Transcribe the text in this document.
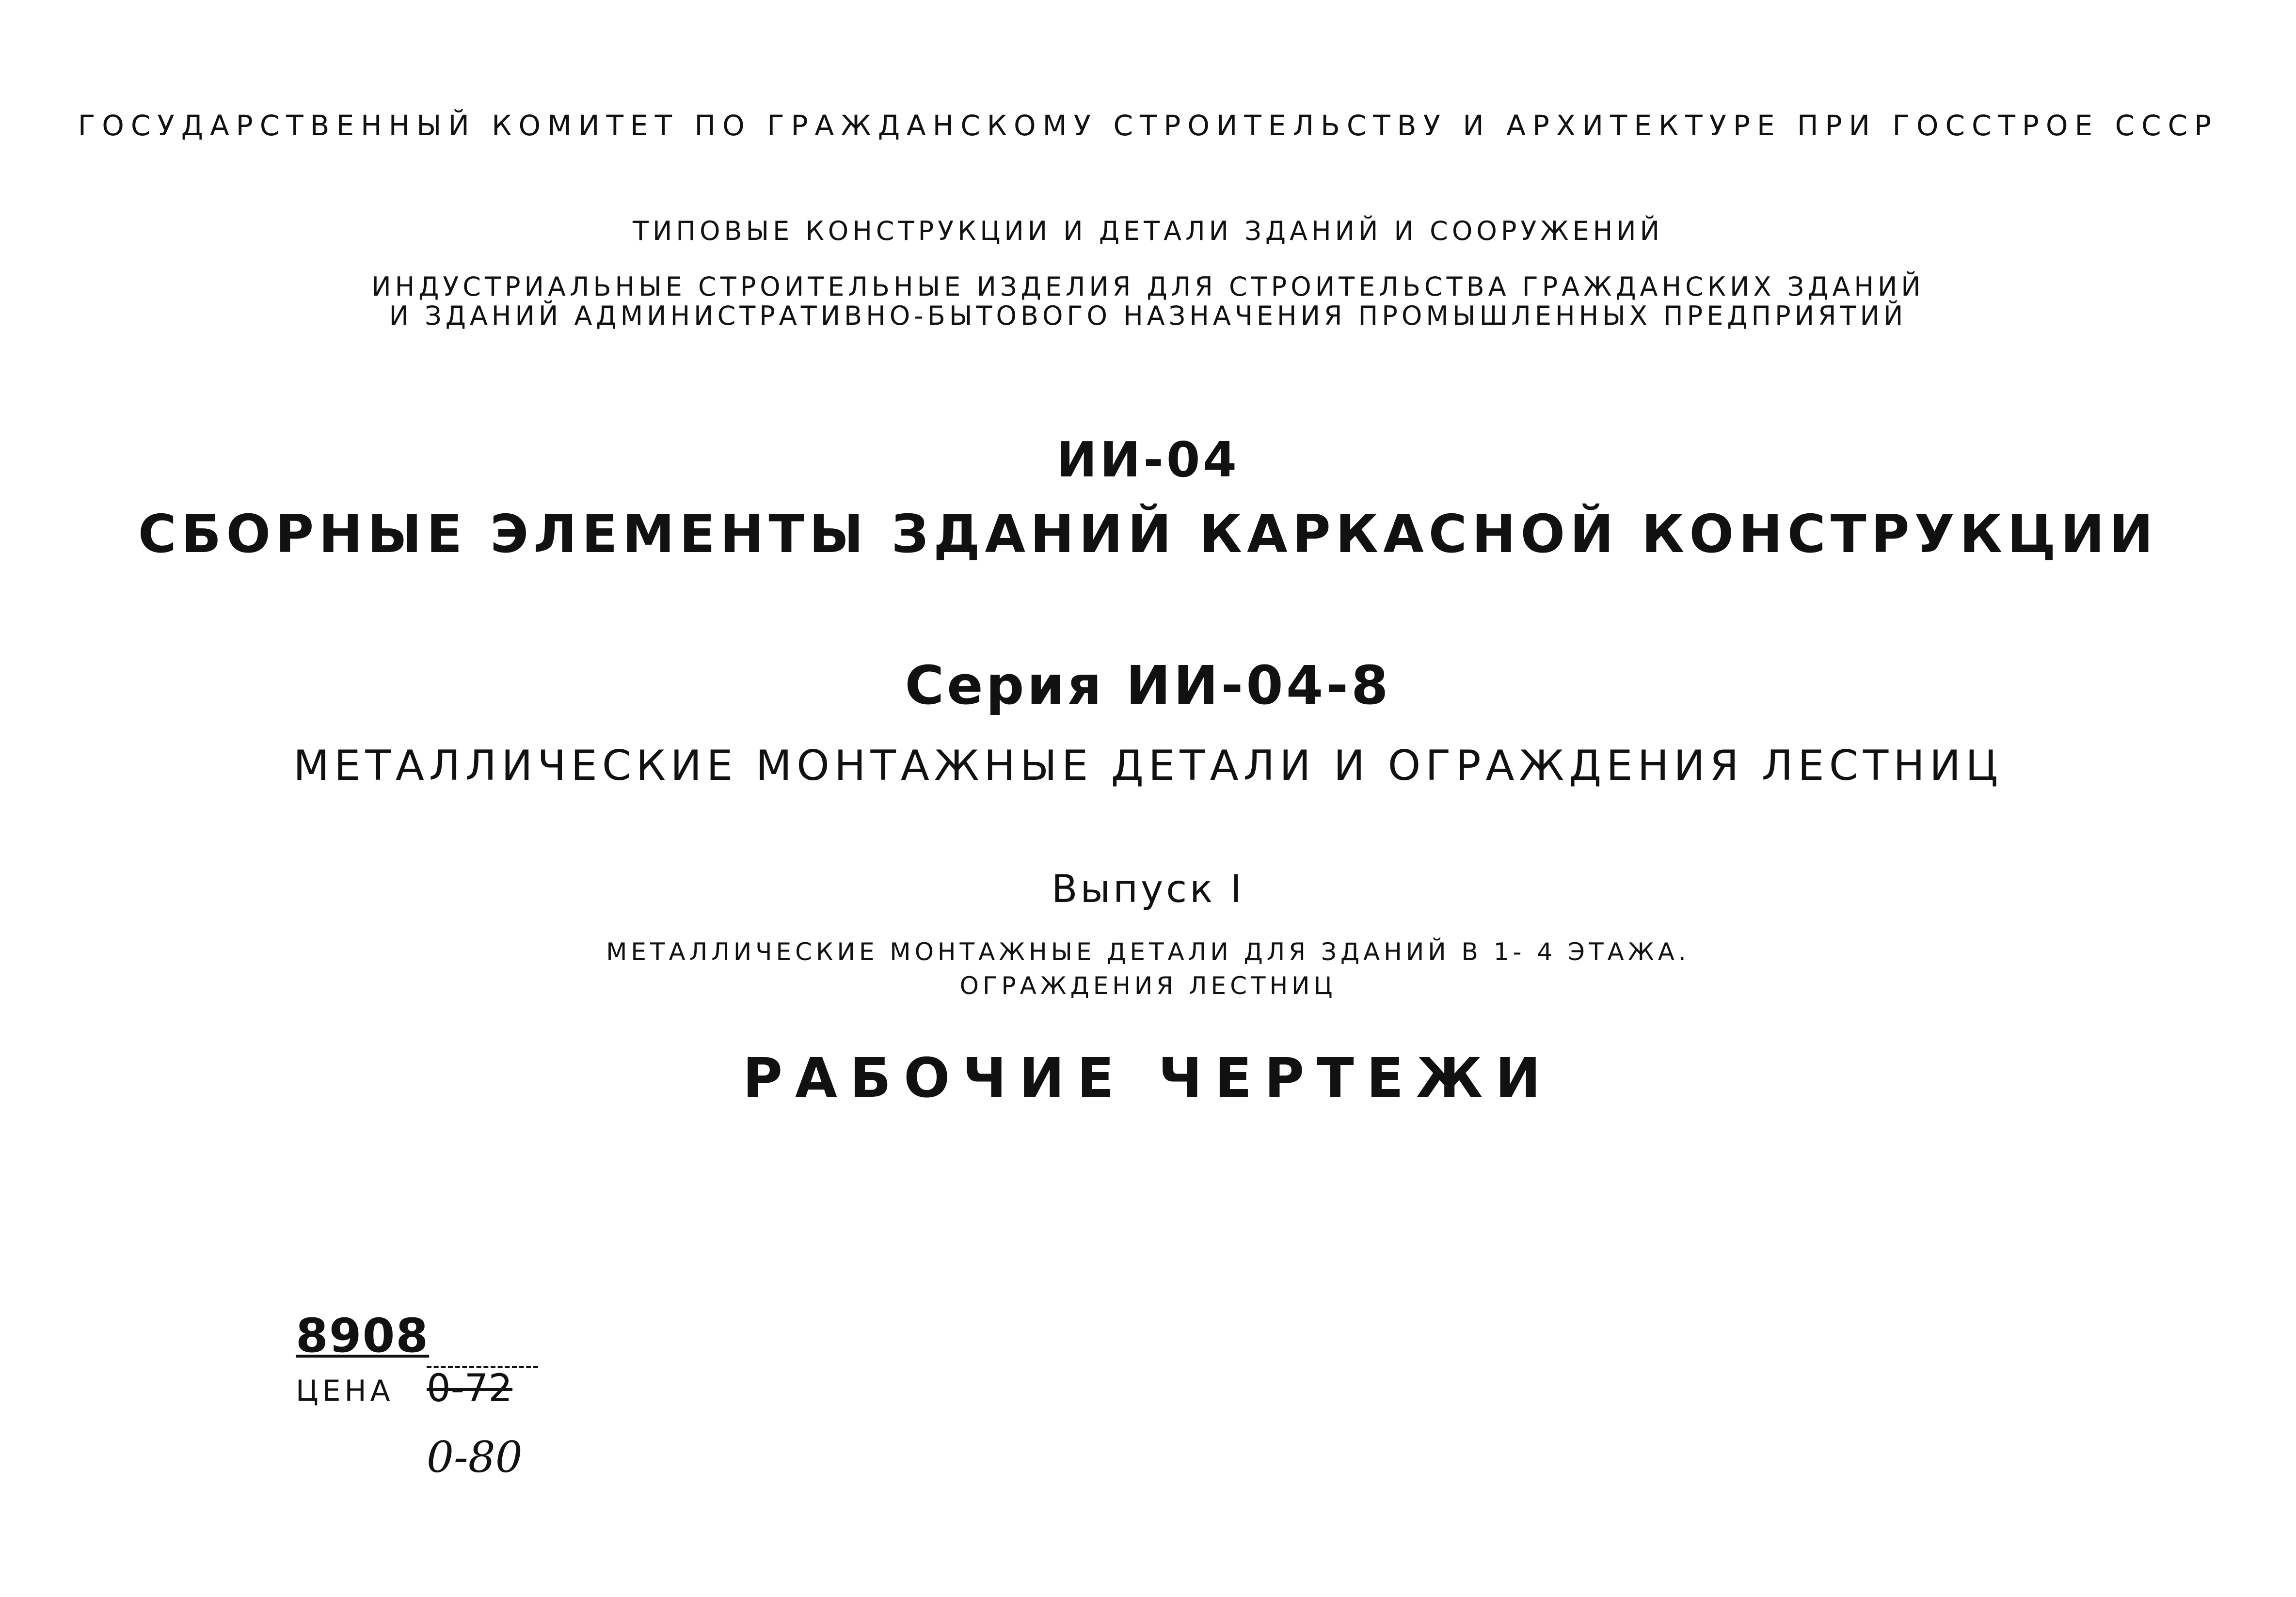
ГОСУДАРСТВЕННЫЙ КОМИТЕТ ПО ГРАЖДАНСКОМУ СТРОИТЕЛЬСТВУ И АРХИТЕКТУРЕ ПРИ ГОССТРОЕ СССР
ТИПОВЫЕ КОНСТРУКЦИИ И ДЕТАЛИ ЗДАНИЙ И СООРУЖЕНИЙ
ИНДУСТРИАЛЬНЫЕ СТРОИТЕЛЬНЫЕ ИЗДЕЛИЯ ДЛЯ СТРОИТЕЛЬСТВА ГРАЖДАНСКИХ ЗДАНИЙ
И ЗДАНИЙ АДМИНИСТРАТИВНО-БЫТОВОГО НАЗНАЧЕНИЯ ПРОМЫШЛЕННЫХ ПРЕДПРИЯТИЙ
ИИ-04
СБОРНЫЕ ЭЛЕМЕНТЫ ЗДАНИЙ КАРКАСНОЙ КОНСТРУКЦИИ
Серия ИИ-04-8
МЕТАЛЛИЧЕСКИЕ МОНТАЖНЫЕ ДЕТАЛИ И ОГРАЖДЕНИЯ ЛЕСТНИЦ
Выпуск I
МЕТАЛЛИЧЕСКИЕ МОНТАЖНЫЕ ДЕТАЛИ ДЛЯ ЗДАНИЙ В 1- 4 ЭТАЖА.
ОГРАЖДЕНИЯ ЛЕСТНИЦ
РАБОЧИЕ ЧЕРТЕЖИ
8908
ЦЕНА 0-72
0-80
